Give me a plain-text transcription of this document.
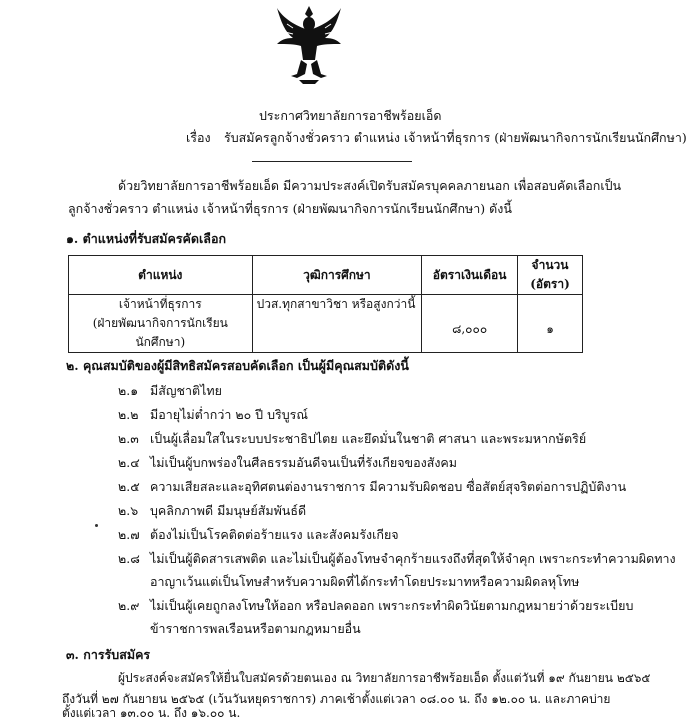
ประกาศวิทยาลัยการอาชีพร้อยเอ็ด
เรื่อง รับสมัครลูกจ้างชั่วคราว ตำแหน่ง เจ้าหน้าที่ธุรการ (ฝ่ายพัฒนากิจการนักเรียนนักศึกษา)
ด้วยวิทยาลัยการอาชีพร้อยเอ็ด มีความประสงค์เปิดรับสมัครบุคคลภายนอก เพื่อสอบคัดเลือกเป็น
ลูกจ้างชั่วคราว ตำแหน่ง เจ้าหน้าที่ธุรการ (ฝ่ายพัฒนากิจการนักเรียนนักศึกษา) ดังนี้
๑. ตำแหน่งที่รับสมัครคัดเลือก
ตำแหน่ง	วุฒิการศึกษา	อัตราเงินเดือน	จำนวน
(อัตรา)

เจ้าหน้าที่ธุรการ
(ฝ่ายพัฒนากิจการนักเรียนนักศึกษา)	ปวส.ทุกสาขาวิชา หรือสูงกว่านี้	๘,๐๐๐	๑
๒. คุณสมบัติของผู้มีสิทธิสมัครสอบคัดเลือก เป็นผู้มีคุณสมบัติดังนี้
๒.๑ มีสัญชาติไทย
๒.๒ มีอายุไม่ต่ำกว่า ๒๐ ปี บริบูรณ์
๒.๓ เป็นผู้เลื่อมใสในระบบประชาธิปไตย และยึดมั่นในชาติ ศาสนา และพระมหากษัตริย์
๒.๔ ไม่เป็นผู้บกพร่องในศีลธรรมอันดีจนเป็นที่รังเกียจของสังคม
๒.๕ ความเสียสละและอุทิศตนต่องานราชการ มีความรับผิดชอบ ซื่อสัตย์สุจริตต่อการปฏิบัติงาน
๒.๖ บุคลิกภาพดี มีมนุษย์สัมพันธ์ดี
๒.๗ ต้องไม่เป็นโรคติดต่อร้ายแรง และสังคมรังเกียจ
๒.๘ ไม่เป็นผู้ติดสารเสพติด และไม่เป็นผู้ต้องโทษจำคุกร้ายแรงถึงที่สุดให้จำคุก เพราะกระทำความผิดทาง
อาญาเว้นแต่เป็นโทษสำหรับความผิดที่ได้กระทำโดยประมาทหรือความผิดลหุโทษ
๒.๙ ไม่เป็นผู้เคยถูกลงโทษให้ออก หรือปลดออก เพราะกระทำผิดวินัยตามกฎหมายว่าด้วยระเบียบ
ข้าราชการพลเรือนหรือตามกฎหมายอื่น
๓. การรับสมัคร
ผู้ประสงค์จะสมัครให้ยื่นใบสมัครด้วยตนเอง ณ วิทยาลัยการอาชีพร้อยเอ็ด ตั้งแต่วันที่ ๑๙ กันยายน ๒๕๖๕
ถึงวันที่ ๒๗ กันยายน ๒๕๖๕ (เว้นวันหยุดราชการ) ภาคเช้าตั้งแต่เวลา ๐๘.๐๐ น. ถึง ๑๒.๐๐ น. และภาคบ่าย
ตั้งแต่เวลา ๑๓.๐๐ น. ถึง ๑๖.๐๐ น.
